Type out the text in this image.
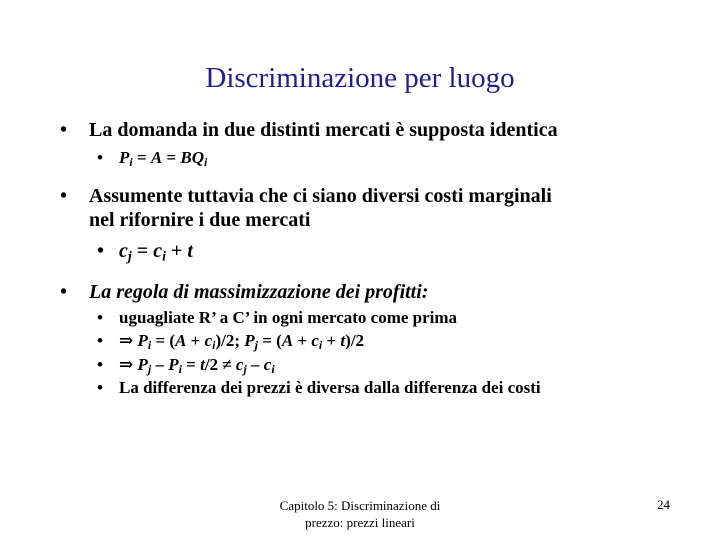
Discriminazione per luogo
• La domanda in due distinti mercati è supposta identica
• $P_i = A = BQ_i$
• Assumente tuttavia che ci siano diversi costi marginali
nel rifornire i due mercati
• $c_j = c_i + t$
• La regola di massimizzazione dei profitti:
• uguagliate R’ a C’ in ogni mercato come prima
• ⇒ $P_i = (A + c_i)/2$; $P_j = (A + c_i + t)/2$
• ⇒ $P_j - P_i = t/2 \ne c_j - c_i$
• La differenza dei prezzi è diversa dalla differenza dei costi
Capitolo 5: Discriminazione di
prezzo: prezzi lineari
24
